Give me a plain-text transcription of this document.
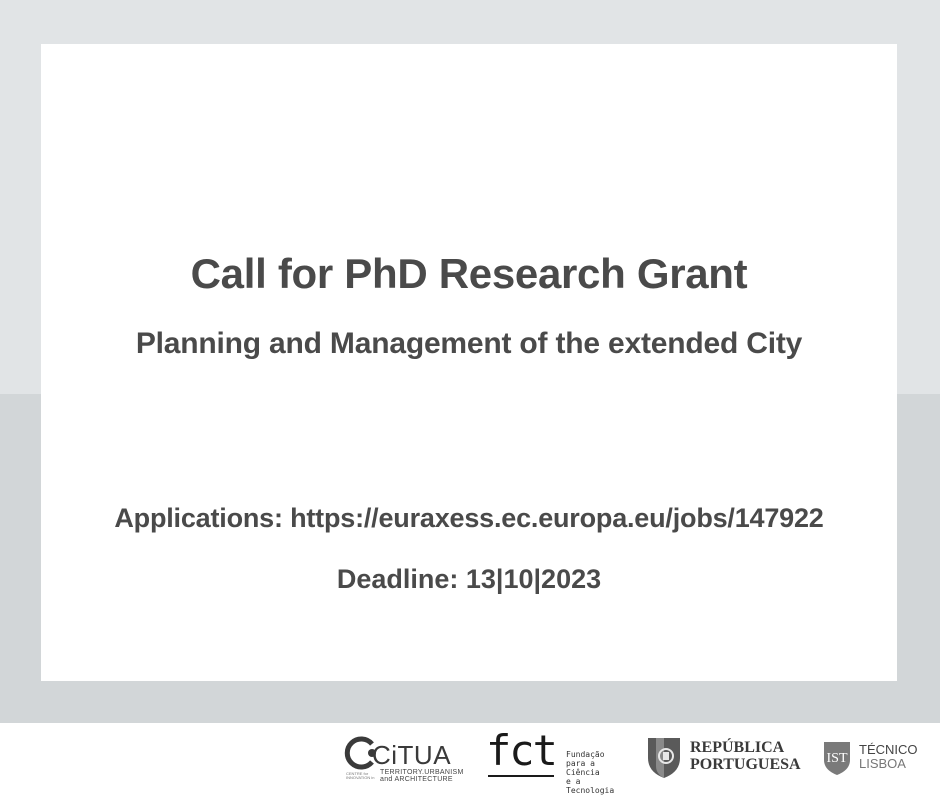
Call for PhD Research Grant
Planning and Management of the extended City
Applications: https://euraxess.ec.europa.eu/jobs/147922
Deadline: 13|10|2023
CiTUA
TERRITORY.URBANISM
and ARCHITECTURE
CENTRE for
INNOVATION in
fct Fundação
para a Ciência
e a Tecnologia
REPÚBLICA
PORTUGUESA IST
TÉCNICO
LISBOA
